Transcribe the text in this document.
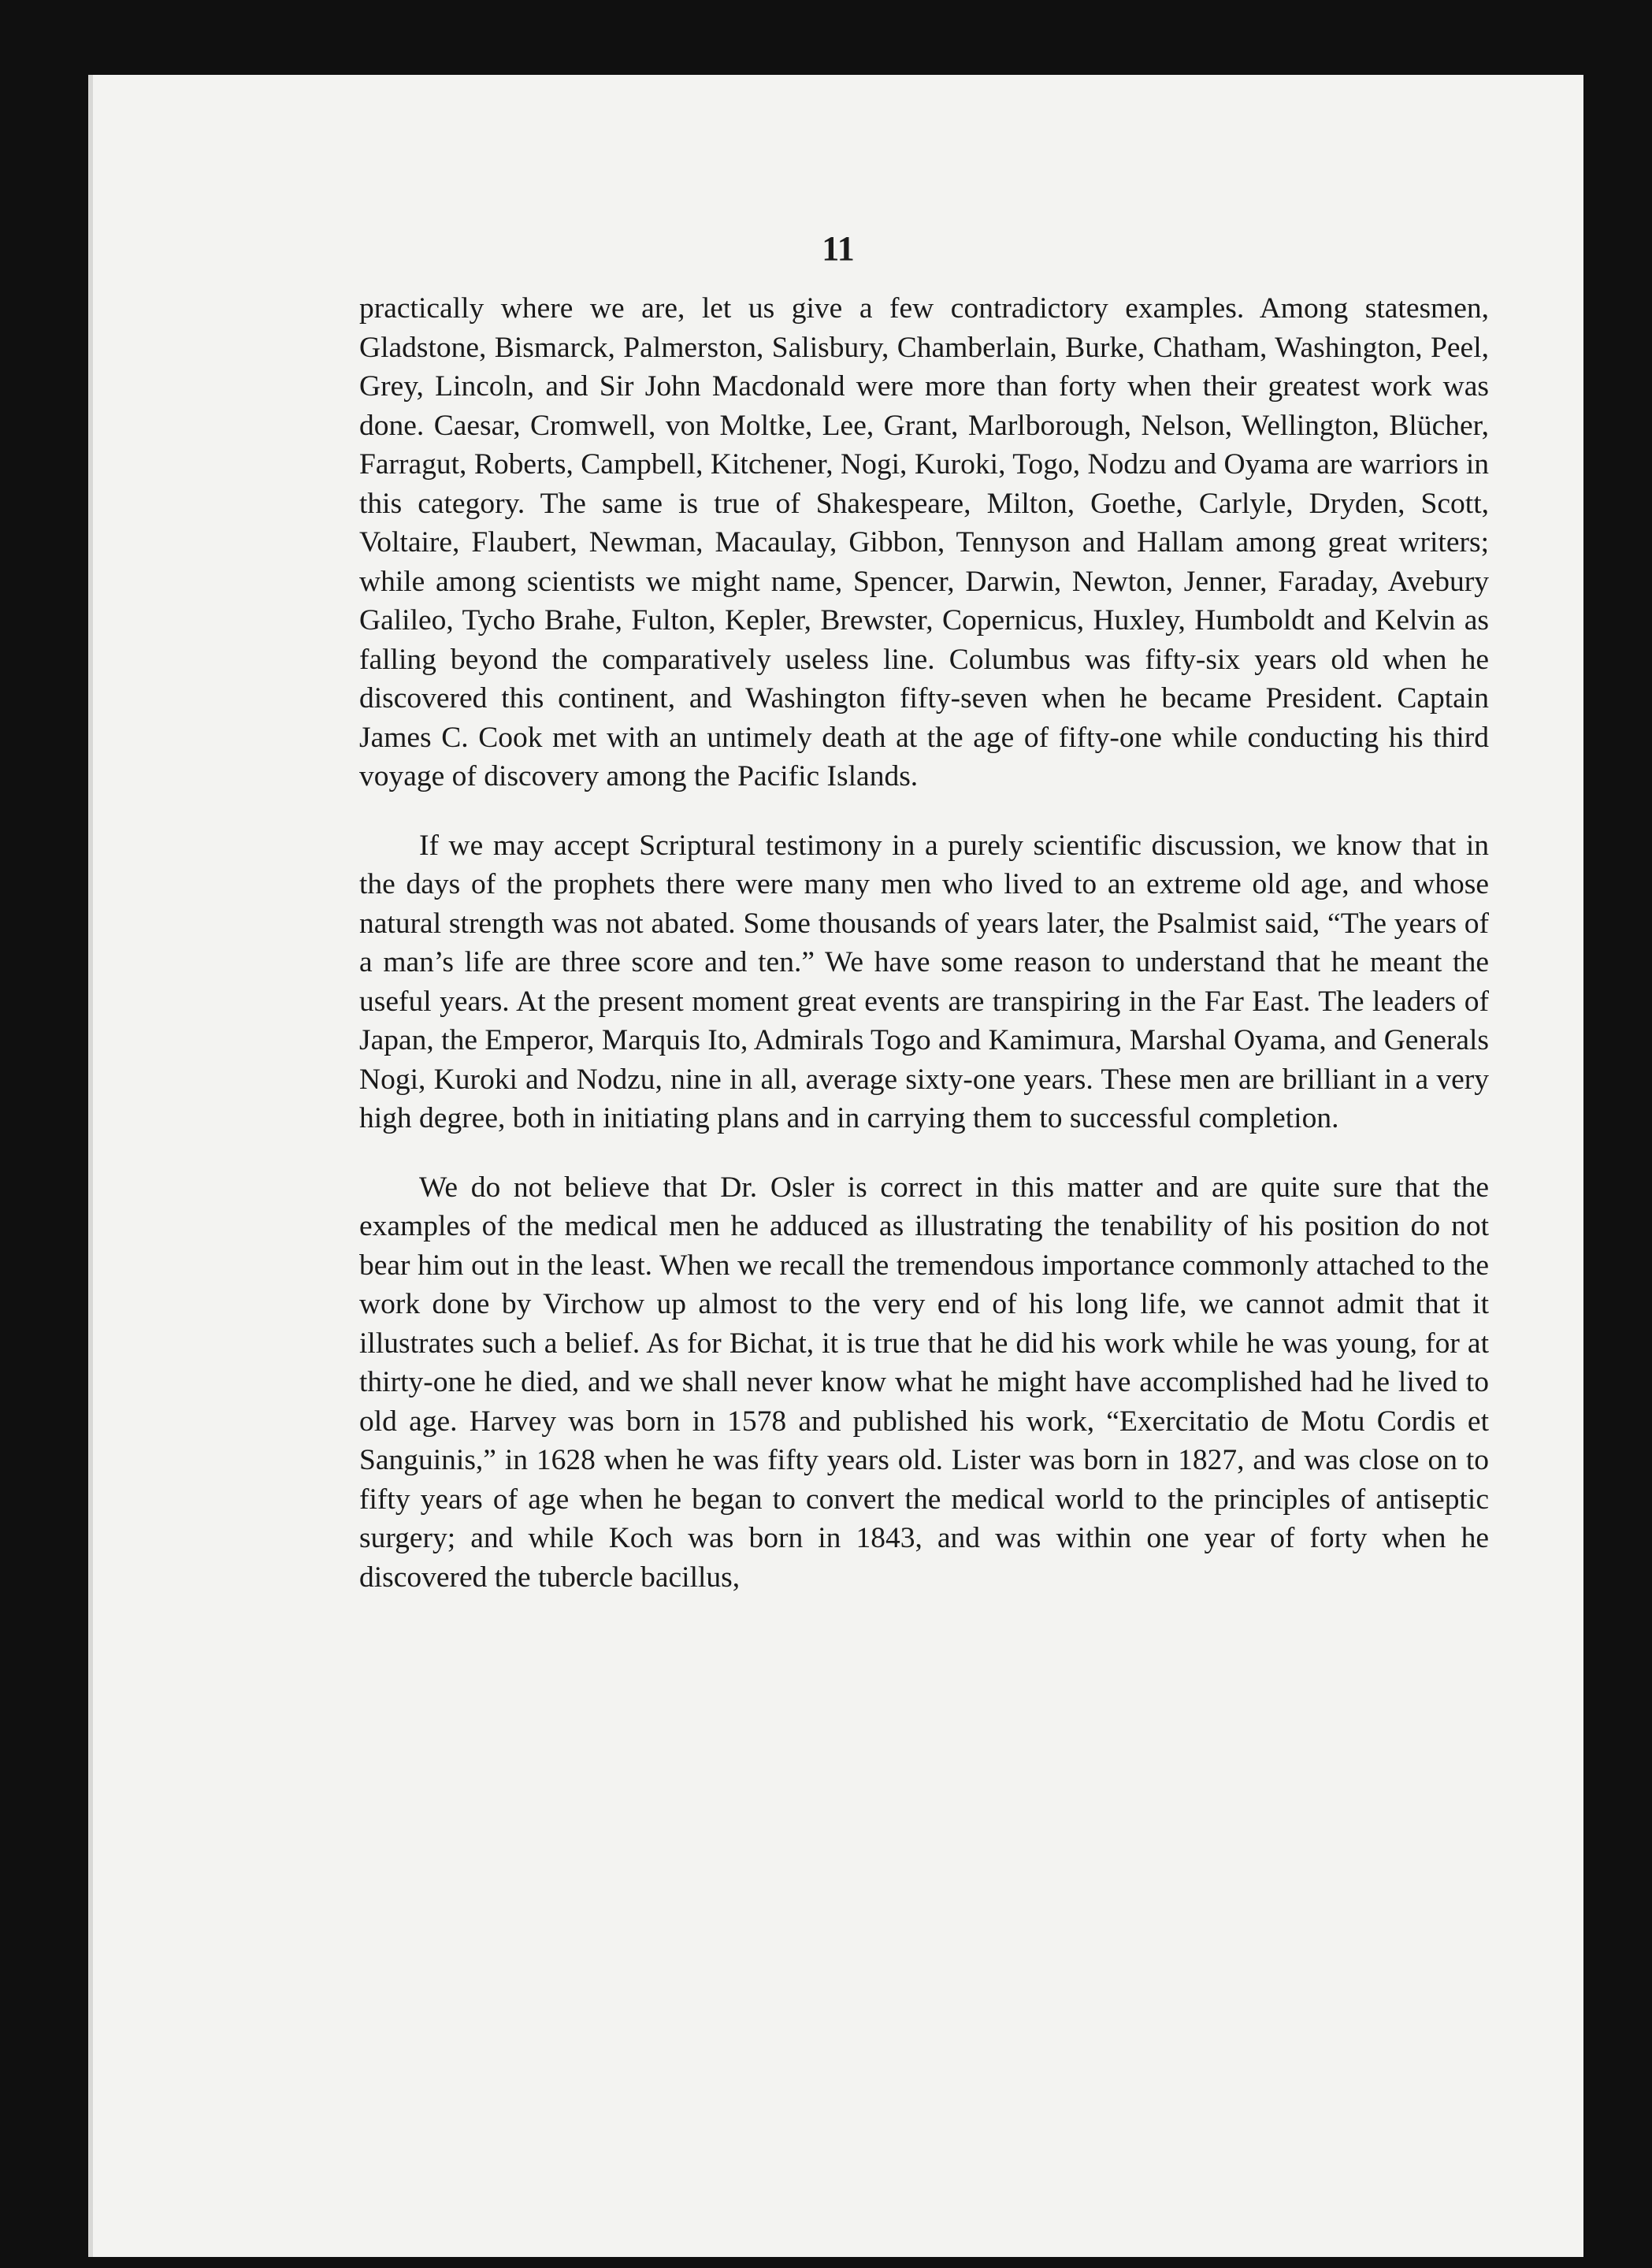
11

practically where we are, let us give a few contradictory examples. Among statesmen, Gladstone, Bismarck, Palmerston, Salisbury, Chamberlain, Burke, Chatham, Washington, Peel, Grey, Lincoln, and Sir John Macdonald were more than forty when their greatest work was done. Caesar, Cromwell, von Moltke, Lee, Grant, Marlborough, Nelson, Wellington, Blücher, Farragut, Roberts, Campbell, Kitchener, Nogi, Kuroki, Togo, Nodzu and Oyama are warriors in this category. The same is true of Shakespeare, Milton, Goethe, Carlyle, Dryden, Scott, Voltaire, Flaubert, Newman, Macaulay, Gibbon, Tennyson and Hallam among great writers; while among scientists we might name, Spencer, Darwin, Newton, Jenner, Faraday, Avebury Galileo, Tycho Brahe, Fulton, Kepler, Brewster, Copernicus, Huxley, Humboldt and Kelvin as falling beyond the comparatively useless line. Columbus was fifty-six years old when he discovered this continent, and Washington fifty-seven when he became President. Captain James C. Cook met with an untimely death at the age of fifty-one while conducting his third voyage of discovery among the Pacific Islands.

If we may accept Scriptural testimony in a purely scientific discussion, we know that in the days of the prophets there were many men who lived to an extreme old age, and whose natural strength was not abated. Some thousands of years later, the Psalmist said, “The years of a man’s life are three score and ten.” We have some reason to understand that he meant the useful years. At the present moment great events are transpiring in the Far East. The leaders of Japan, the Emperor, Marquis Ito, Admirals Togo and Kamimura, Marshal Oyama, and Generals Nogi, Kuroki and Nodzu, nine in all, average sixty-one years. These men are brilliant in a very high degree, both in initiating plans and in carrying them to successful completion.

We do not believe that Dr. Osler is correct in this matter and are quite sure that the examples of the medical men he adduced as illustrating the tenability of his position do not bear him out in the least. When we recall the tremendous importance commonly attached to the work done by Virchow up almost to the very end of his long life, we cannot admit that it illustrates such a belief. As for Bichat, it is true that he did his work while he was young, for at thirty-one he died, and we shall never know what he might have accomplished had he lived to old age. Harvey was born in 1578 and published his work, “Exercitatio de Motu Cordis et Sanguinis,” in 1628 when he was fifty years old. Lister was born in 1827, and was close on to fifty years of age when he began to convert the medical world to the principles of antiseptic surgery; and while Koch was born in 1843, and was within one year of forty when he discovered the tubercle bacillus,
